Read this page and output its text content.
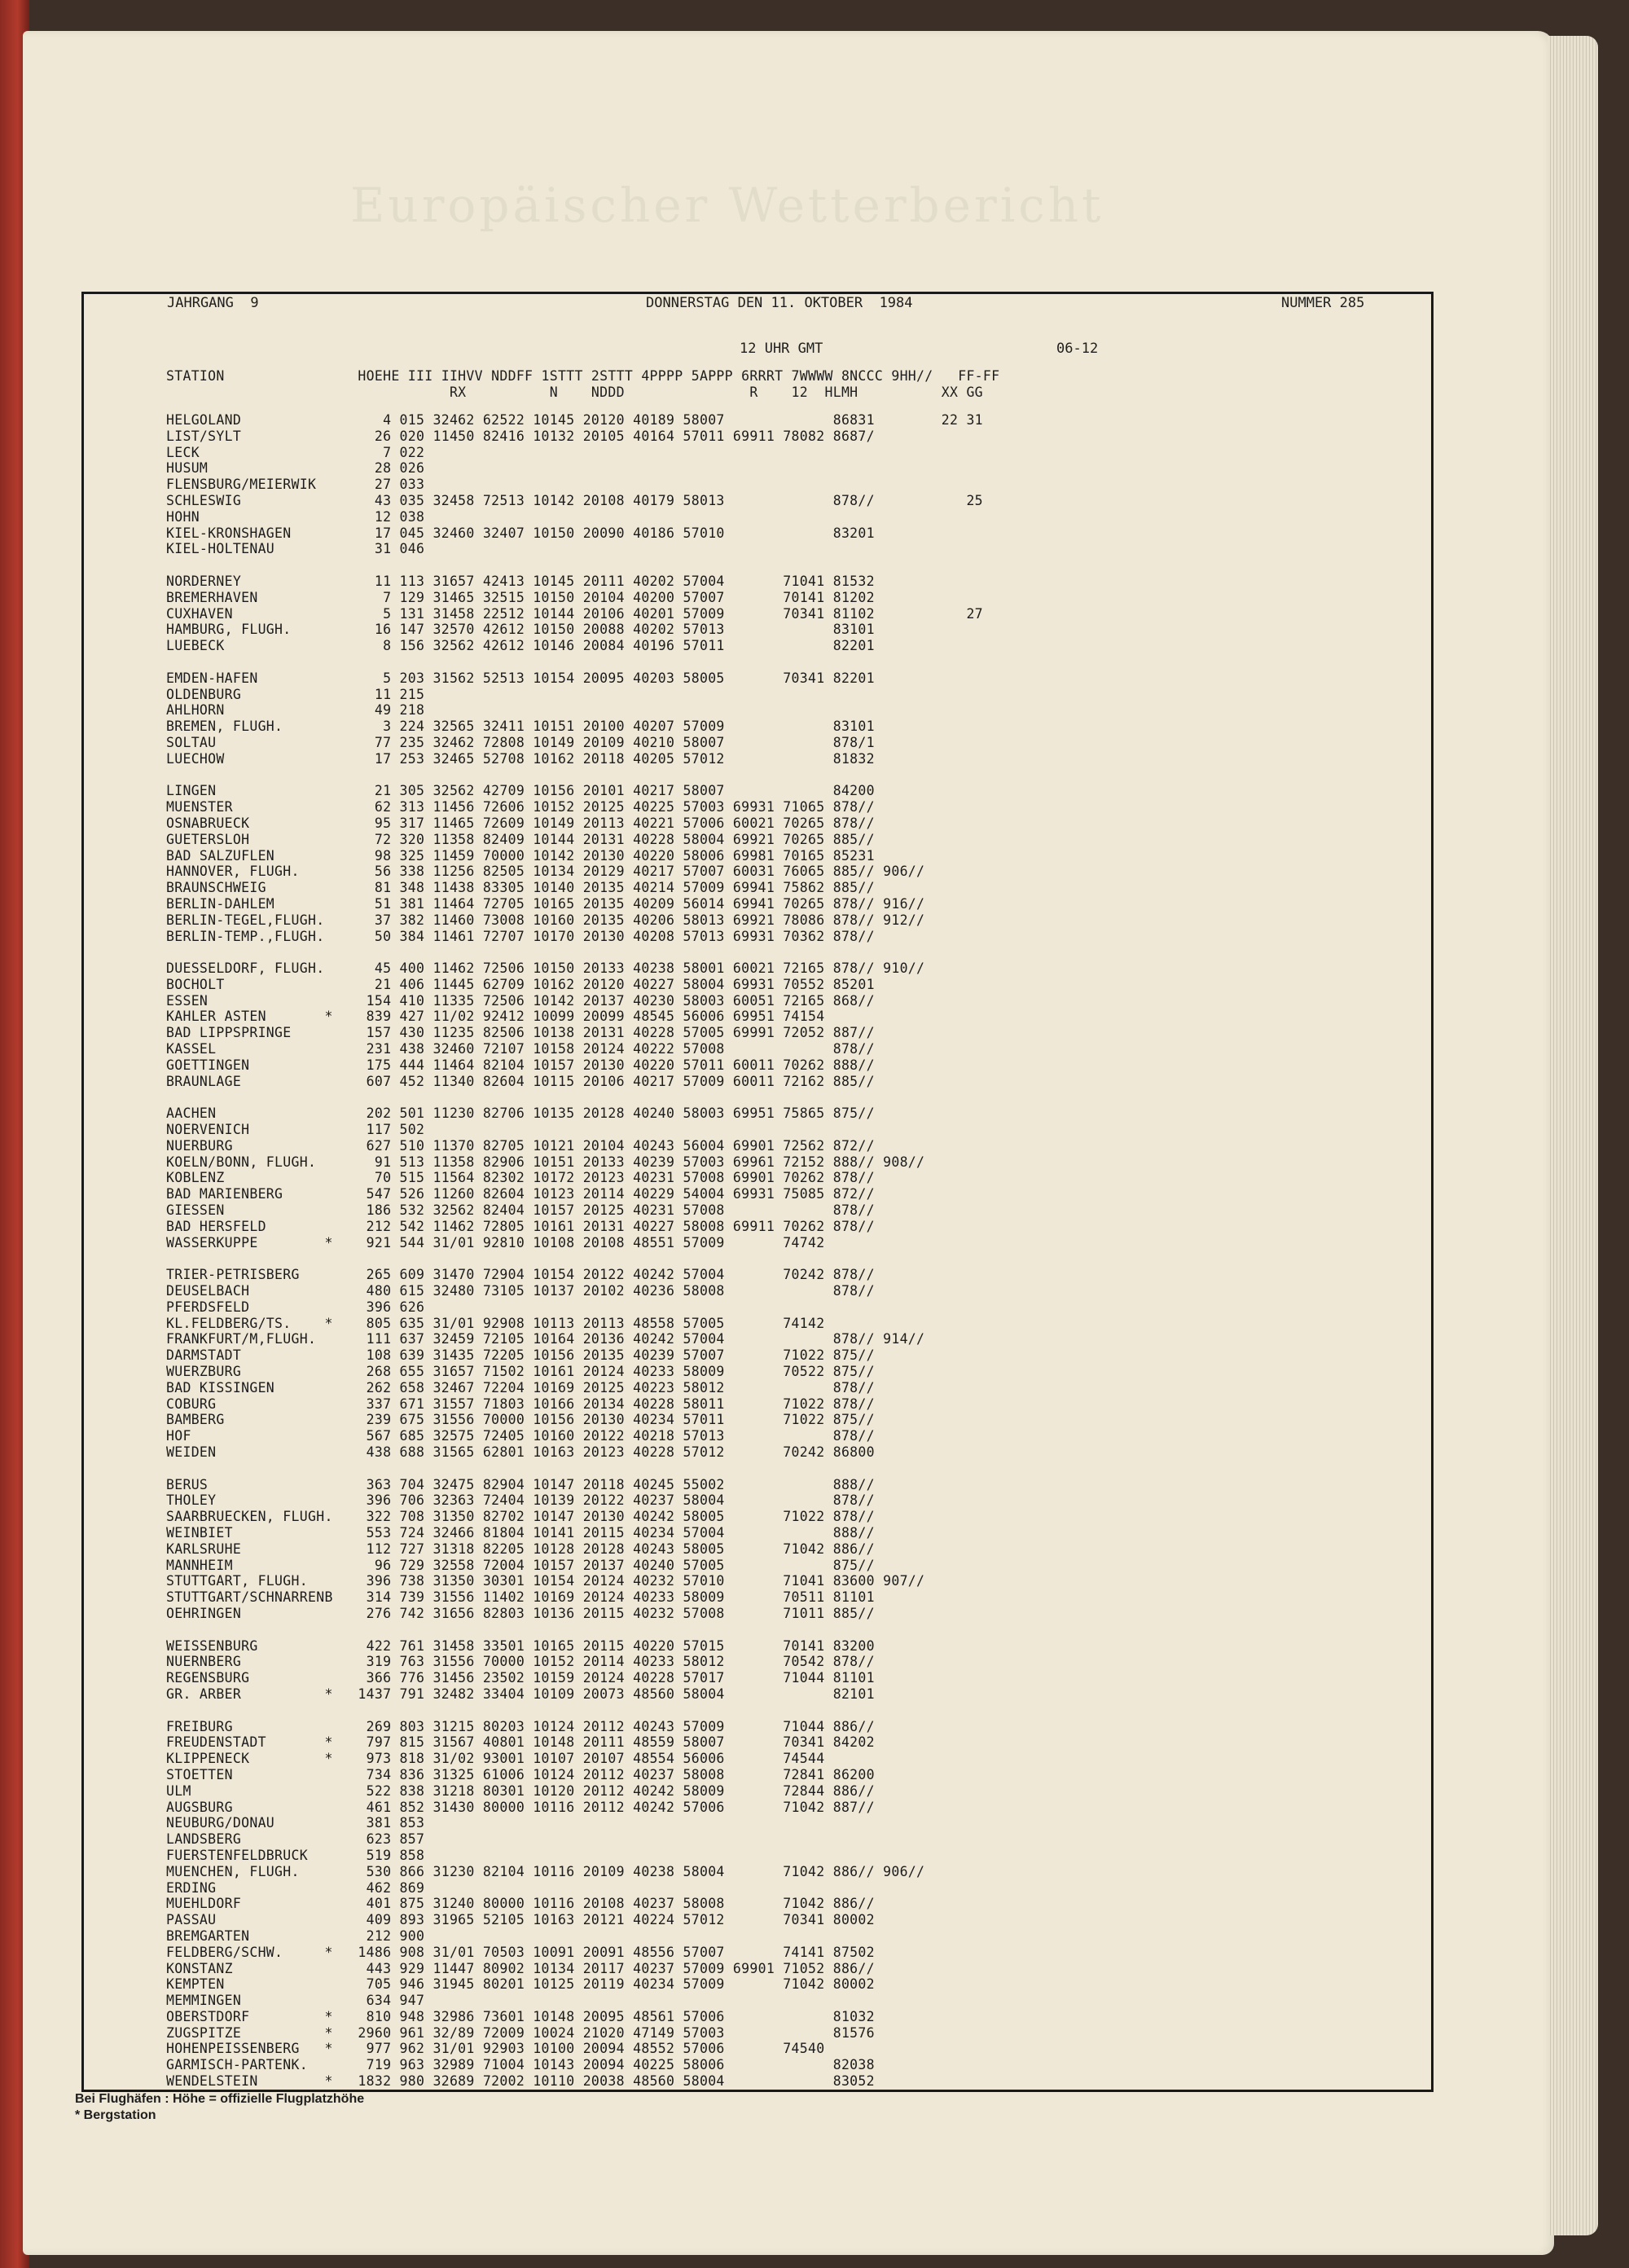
Europäischer Wetterbericht
JAHRGANG  9	DONNERSTAG DEN 11. OKTOBER  1984	NUMMER 285
12 UHR GMT	06-12
STATION                HOEHE III IIHVV NDDFF 1STTT 2STTT 4PPPP 5APPP 6RRRT 7WWWW 8NCCC 9HH//   FF-FF
RX          N    NDDD               R    12  HLMH          XX GG
HELGOLAND                 4 015 32462 62522 10145 20120 40189 58007             86831        22 31
LIST/SYLT                26 020 11450 82416 10132 20105 40164 57011 69911 78082 8687/
LECK                      7 022
HUSUM                    28 026
FLENSBURG/MEIERWIK       27 033
SCHLESWIG                43 035 32458 72513 10142 20108 40179 58013             878//           25
HOHN                     12 038
KIEL-KRONSHAGEN          17 045 32460 32407 10150 20090 40186 57010             83201
KIEL-HOLTENAU            31 046
NORDERNEY                11 113 31657 42413 10145 20111 40202 57004       71041 81532
BREMERHAVEN               7 129 31465 32515 10150 20104 40200 57007       70141 81202
CUXHAVEN                  5 131 31458 22512 10144 20106 40201 57009       70341 81102           27
HAMBURG, FLUGH.          16 147 32570 42612 10150 20088 40202 57013             83101
LUEBECK                   8 156 32562 42612 10146 20084 40196 57011             82201
EMDEN-HAFEN               5 203 31562 52513 10154 20095 40203 58005       70341 82201
OLDENBURG                11 215
AHLHORN                  49 218
BREMEN, FLUGH.            3 224 32565 32411 10151 20100 40207 57009             83101
SOLTAU                   77 235 32462 72808 10149 20109 40210 58007             878/1
LUECHOW                  17 253 32465 52708 10162 20118 40205 57012             81832
LINGEN                   21 305 32562 42709 10156 20101 40217 58007             84200
MUENSTER                 62 313 11456 72606 10152 20125 40225 57003 69931 71065 878//
OSNABRUECK               95 317 11465 72609 10149 20113 40221 57006 60021 70265 878//
GUETERSLOH               72 320 11358 82409 10144 20131 40228 58004 69921 70265 885//
BAD SALZUFLEN            98 325 11459 70000 10142 20130 40220 58006 69981 70165 85231
HANNOVER, FLUGH.         56 338 11256 82505 10134 20129 40217 57007 60031 76065 885// 906//
BRAUNSCHWEIG             81 348 11438 83305 10140 20135 40214 57009 69941 75862 885//
BERLIN-DAHLEM            51 381 11464 72705 10165 20135 40209 56014 69941 70265 878// 916//
BERLIN-TEGEL,FLUGH.      37 382 11460 73008 10160 20135 40206 58013 69921 78086 878// 912//
BERLIN-TEMP.,FLUGH.      50 384 11461 72707 10170 20130 40208 57013 69931 70362 878//
DUESSELDORF, FLUGH.      45 400 11462 72506 10150 20133 40238 58001 60021 72165 878// 910//
BOCHOLT                  21 406 11445 62709 10162 20120 40227 58004 69931 70552 85201
ESSEN                   154 410 11335 72506 10142 20137 40230 58003 60051 72165 868//
KAHLER ASTEN       *    839 427 11/02 92412 10099 20099 48545 56006 69951 74154
BAD LIPPSPRINGE         157 430 11235 82506 10138 20131 40228 57005 69991 72052 887//
KASSEL                  231 438 32460 72107 10158 20124 40222 57008             878//
GOETTINGEN              175 444 11464 82104 10157 20130 40220 57011 60011 70262 888//
BRAUNLAGE               607 452 11340 82604 10115 20106 40217 57009 60011 72162 885//
AACHEN                  202 501 11230 82706 10135 20128 40240 58003 69951 75865 875//
NOERVENICH              117 502
NUERBURG                627 510 11370 82705 10121 20104 40243 56004 69901 72562 872//
KOELN/BONN, FLUGH.       91 513 11358 82906 10151 20133 40239 57003 69961 72152 888// 908//
KOBLENZ                  70 515 11564 82302 10172 20123 40231 57008 69901 70262 878//
BAD MARIENBERG          547 526 11260 82604 10123 20114 40229 54004 69931 75085 872//
GIESSEN                 186 532 32562 82404 10157 20125 40231 57008             878//
BAD HERSFELD            212 542 11462 72805 10161 20131 40227 58008 69911 70262 878//
WASSERKUPPE        *    921 544 31/01 92810 10108 20108 48551 57009       74742
TRIER-PETRISBERG        265 609 31470 72904 10154 20122 40242 57004       70242 878//
DEUSELBACH              480 615 32480 73105 10137 20102 40236 58008             878//
PFERDSFELD              396 626
KL.FELDBERG/TS.    *    805 635 31/01 92908 10113 20113 48558 57005       74142
FRANKFURT/M,FLUGH.      111 637 32459 72105 10164 20136 40242 57004             878// 914//
DARMSTADT               108 639 31435 72205 10156 20135 40239 57007       71022 875//
WUERZBURG               268 655 31657 71502 10161 20124 40233 58009       70522 875//
BAD KISSINGEN           262 658 32467 72204 10169 20125 40223 58012             878//
COBURG                  337 671 31557 71803 10166 20134 40228 58011       71022 878//
BAMBERG                 239 675 31556 70000 10156 20130 40234 57011       71022 875//
HOF                     567 685 32575 72405 10160 20122 40218 57013             878//
WEIDEN                  438 688 31565 62801 10163 20123 40228 57012       70242 86800
BERUS                   363 704 32475 82904 10147 20118 40245 55002             888//
THOLEY                  396 706 32363 72404 10139 20122 40237 58004             878//
SAARBRUECKEN, FLUGH.    322 708 31350 82702 10147 20130 40242 58005       71022 878//
WEINBIET                553 724 32466 81804 10141 20115 40234 57004             888//
KARLSRUHE               112 727 31318 82205 10128 20128 40243 58005       71042 886//
MANNHEIM                 96 729 32558 72004 10157 20137 40240 57005             875//
STUTTGART, FLUGH.       396 738 31350 30301 10154 20124 40232 57010       71041 83600 907//
STUTTGART/SCHNARRENB    314 739 31556 11402 10169 20124 40233 58009       70511 81101
OEHRINGEN               276 742 31656 82803 10136 20115 40232 57008       71011 885//
WEISSENBURG             422 761 31458 33501 10165 20115 40220 57015       70141 83200
NUERNBERG               319 763 31556 70000 10152 20114 40233 58012       70542 878//
REGENSBURG              366 776 31456 23502 10159 20124 40228 57017       71044 81101
GR. ARBER          *   1437 791 32482 33404 10109 20073 48560 58004             82101
FREIBURG                269 803 31215 80203 10124 20112 40243 57009       71044 886//
FREUDENSTADT       *    797 815 31567 40801 10148 20111 48559 58007       70341 84202
KLIPPENECK         *    973 818 31/02 93001 10107 20107 48554 56006       74544
STOETTEN                734 836 31325 61006 10124 20112 40237 58008       72841 86200
ULM                     522 838 31218 80301 10120 20112 40242 58009       72844 886//
AUGSBURG                461 852 31430 80000 10116 20112 40242 57006       71042 887//
NEUBURG/DONAU           381 853
LANDSBERG               623 857
FUERSTENFELDBRUCK       519 858
MUENCHEN, FLUGH.        530 866 31230 82104 10116 20109 40238 58004       71042 886// 906//
ERDING                  462 869
MUEHLDORF               401 875 31240 80000 10116 20108 40237 58008       71042 886//
PASSAU                  409 893 31965 52105 10163 20121 40224 57012       70341 80002
BREMGARTEN              212 900
FELDBERG/SCHW.     *   1486 908 31/01 70503 10091 20091 48556 57007       74141 87502
KONSTANZ                443 929 11447 80902 10134 20117 40237 57009 69901 71052 886//
KEMPTEN                 705 946 31945 80201 10125 20119 40234 57009       71042 80002
MEMMINGEN               634 947
OBERSTDORF         *    810 948 32986 73601 10148 20095 48561 57006             81032
ZUGSPITZE          *   2960 961 32/89 72009 10024 21020 47149 57003             81576
HOHENPEISSENBERG   *    977 962 31/01 92903 10100 20094 48552 57006       74540
GARMISCH-PARTENK.       719 963 32989 71004 10143 20094 40225 58006             82038
WENDELSTEIN        *   1832 980 32689 72002 10110 20038 48560 58004             83052
Bei Flughäfen : Höhe = offizielle Flugplatzhöhe
* Bergstation
